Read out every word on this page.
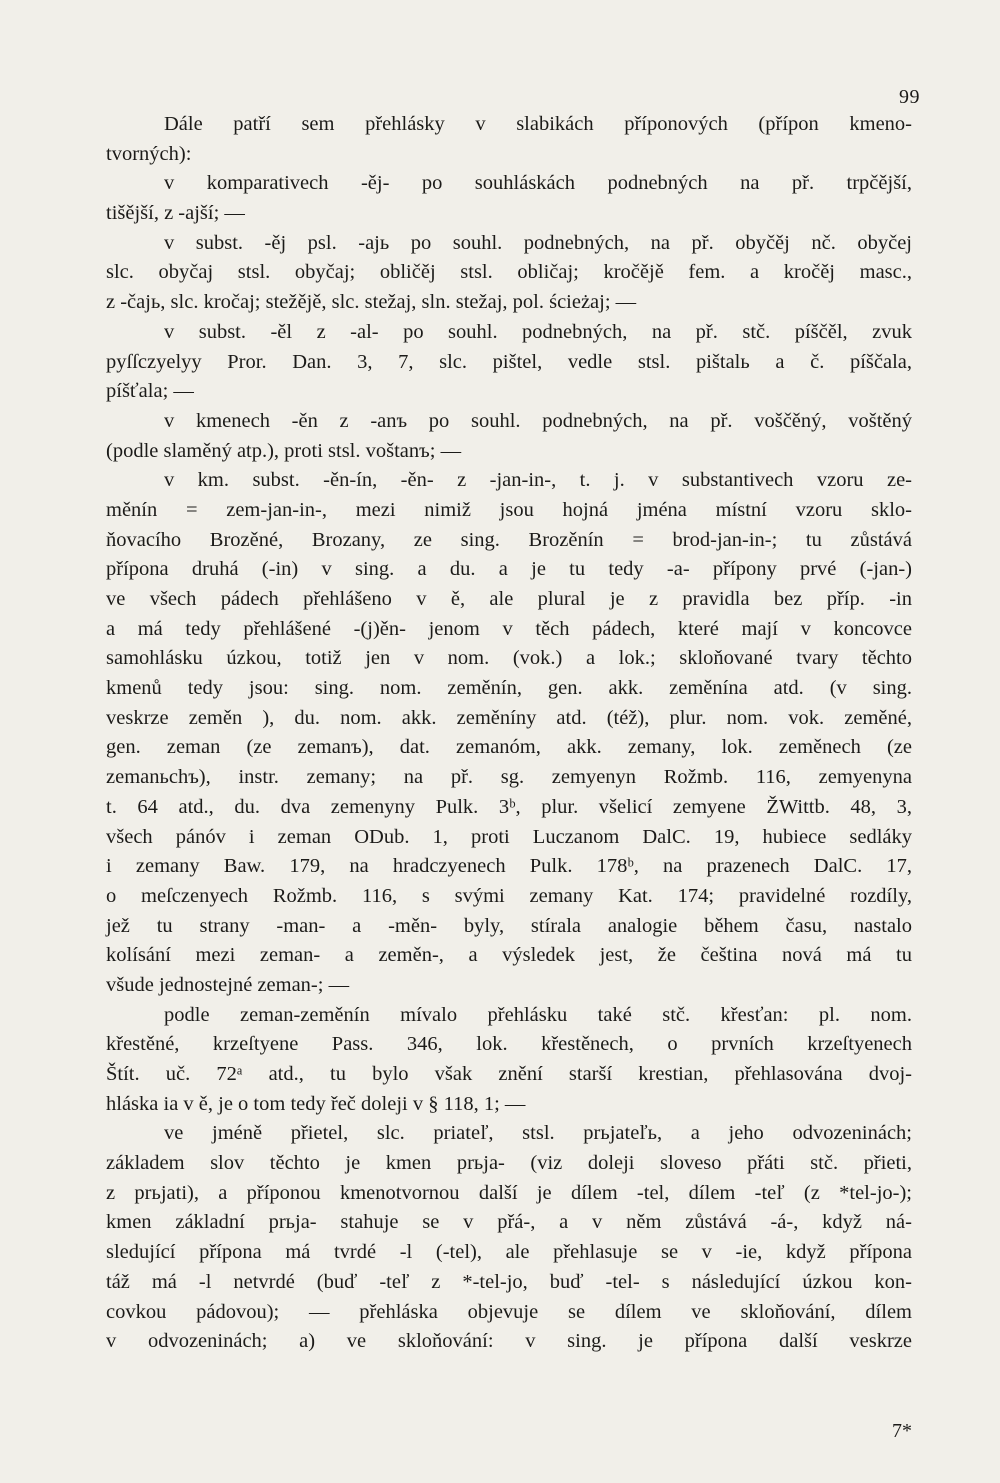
99
Dále patří sem přehlásky v slabikách příponových (přípon kmeno-
tvorných):
v komparativech -ěj- po souhláskách podnebných na př. trpčější,
tišější, z -ajší; —
v subst. -ěj psl. -ajь po souhl. podnebných, na př. obyčěj nč. obyčej
slc. obyčaj stsl. obyčaj; obličěj stsl. obličaj; kročějě fem. a kročěj masc.,
z -čajь, slc. kročaj; stežějě, slc. stežaj, sln. stežaj, pol. ścieżaj; —
v subst. -ěl z -al- po souhl. podnebných, na př. stč. píščěl, zvuk
pyſſczyelyy Pror. Dan. 3, 7, slc. pištel, vedle stsl. pištalь a č. píščala,
píšťala; —
v kmenech -ěn z -anъ po souhl. podnebných, na př. voščěný, voštěný
(podle slaměný atp.), proti stsl. voštanъ; —
v km. subst. -ěn-ín, -ěn- z -jan-in-, t. j. v substantivech vzoru ze-
měnín = zem-jan-in-, mezi nimiž jsou hojná jména místní vzoru sklo-
ňovacího Brozěné, Brozany, ze sing. Brozěnín = brod-jan-in-; tu zůstává
přípona druhá (-in) v sing. a du. a je tu tedy -a- přípony prvé (-jan-)
ve všech pádech přehlášeno v ě, ale plural je z pravidla bez příp. -in
a má tedy přehlášené -(j)ěn- jenom v těch pádech, které mají v koncovce
samohlásku úzkou, totiž jen v nom. (vok.) a lok.; skloňované tvary těchto
kmenů tedy jsou: sing. nom. zeměnín, gen. akk. zeměnína atd. (v sing.
veskrze zeměn ), du. nom. akk. zeměníny atd. (též), plur. nom. vok. zeměné,
gen. zeman (ze zemanъ), dat. zemanóm, akk. zemany, lok. zeměnech (ze
zemanьchъ), instr. zemany; na př. sg. zemyenyn Rožmb. 116, zemyenyna
t. 64 atd., du. dva zemenyny Pulk. 3ᵇ, plur. všelicí zemyene ŽWittb. 48, 3,
všech pánóv i zeman ODub. 1, proti Luczanom DalC. 19, hubiece sedláky
i zemany Baw. 179, na hradczyenech Pulk. 178ᵇ, na prazenech DalC. 17,
o meſczenyech Rožmb. 116, s svými zemany Kat. 174; pravidelné rozdíly,
jež tu strany -man- a -měn- byly, stírala analogie během času, nastalo
kolísání mezi zeman- a zeměn-, a výsledek jest, že čeština nová má tu
všude jednostejné zeman-; —
podle zeman-zeměnín mívalo přehlásku také stč. křesťan: pl. nom.
křestěné, krzeſtyene Pass. 346, lok. křestěnech, o prvních krzeſtyenech
Štít. uč. 72ᵃ atd., tu bylo však znění starší krestian, přehlasována dvoj-
hláska ia v ě, je o tom tedy řeč doleji v § 118, 1; —
ve jméně přietel, slc. priateľ, stsl. prьjateľь, a jeho odvozeninách;
základem slov těchto je kmen prьja- (viz doleji sloveso přáti stč. přieti,
z prьjati), a příponou kmenotvornou další je dílem -tel, dílem -teľ (z *tel-jo-);
kmen základní prьja- stahuje se v přá-, a v něm zůstává -á-, když ná-
sledující přípona má tvrdé -l (-tel), ale přehlasuje se v -ie, když přípona
táž má -l netvrdé (buď -teľ z *-tel-jo, buď -tel- s následující úzkou kon-
covkou pádovou); — přehláska objevuje se dílem ve skloňování, dílem
v odvozeninách; a) ve skloňování: v sing. je přípona další veskrze
7*
